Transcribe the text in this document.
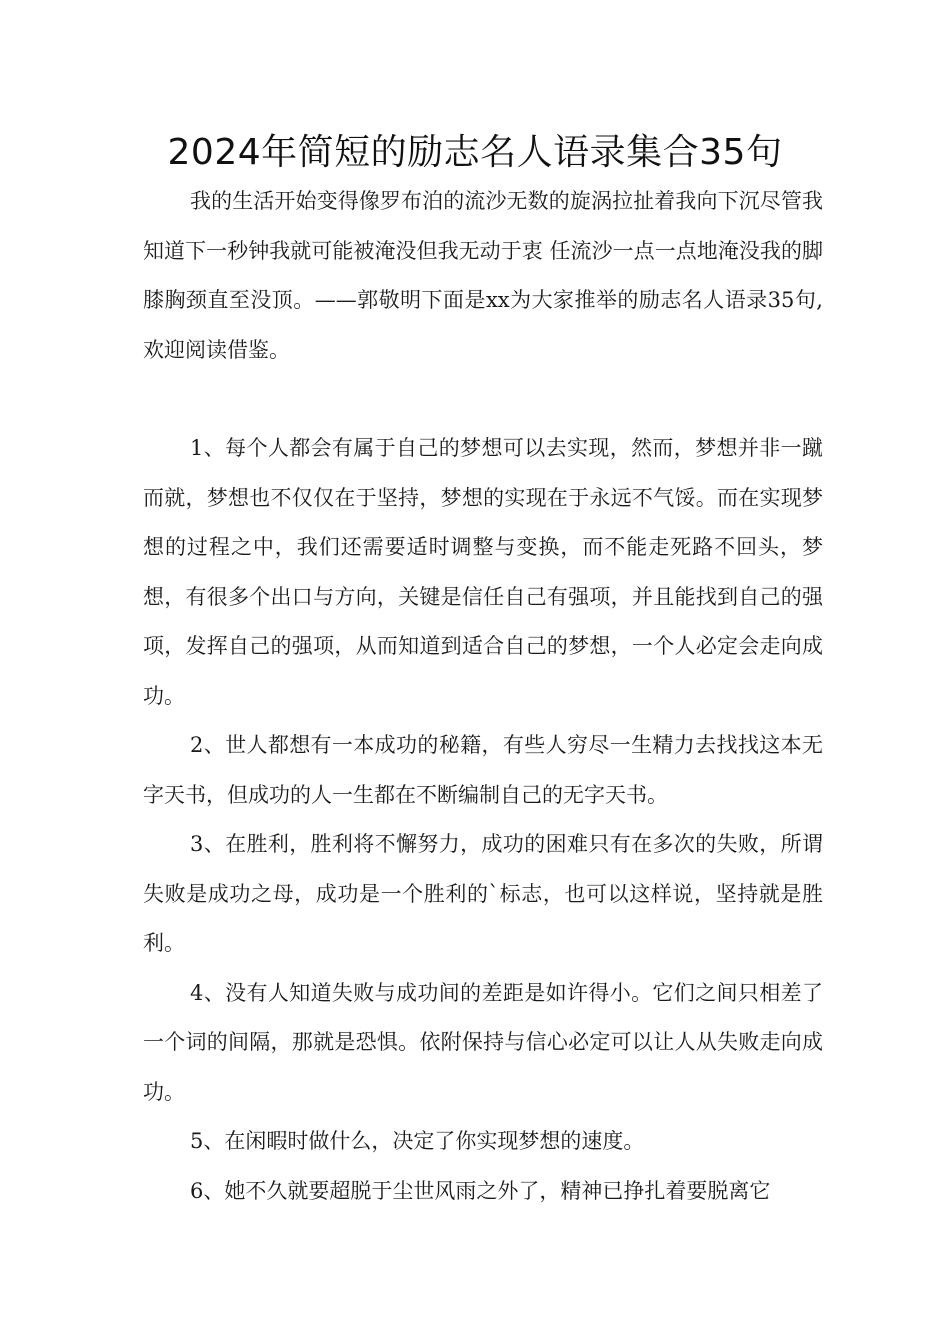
2024年简短的励志名人语录集合35句

我的生活开始变得像罗布泊的流沙无数的旋涡拉扯着我向下沉尽管我知道下一秒钟我就可能被淹没但我无动于衷 任流沙一点一点地淹没我的脚膝胸颈直至没顶。——郭敬明下面是xx为大家推举的励志名人语录35句,欢迎阅读借鉴。

1、每个人都会有属于自己的梦想可以去实现，然而，梦想并非一蹴而就，梦想也不仅仅在于坚持，梦想的实现在于永远不气馁。而在实现梦想的过程之中，我们还需要适时调整与变换，而不能走死路不回头，梦想，有很多个出口与方向，关键是信任自己有强项，并且能找到自己的强项，发挥自己的强项，从而知道到适合自己的梦想，一个人必定会走向成功。

2、世人都想有一本成功的秘籍，有些人穷尽一生精力去找找这本无字天书，但成功的人一生都在不断编制自己的无字天书。

3、在胜利，胜利将不懈努力，成功的困难只有在多次的失败，所谓失败是成功之母，成功是一个胜利的`标志，也可以这样说，坚持就是胜利。

4、没有人知道失败与成功间的差距是如许得小。它们之间只相差了一个词的间隔，那就是恐惧。依附保持与信心必定可以让人从失败走向成功。

5、在闲暇时做什么，决定了你实现梦想的速度。

6、她不久就要超脱于尘世风雨之外了，精神已挣扎着要脱离它
